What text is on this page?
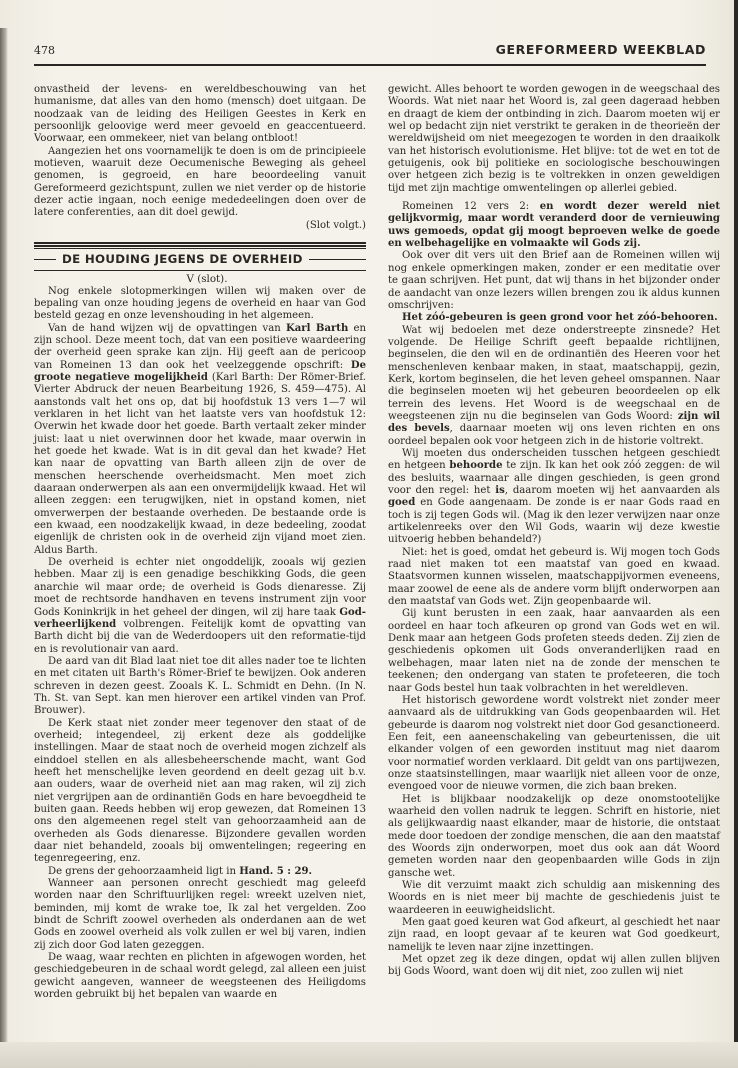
478	GEREFORMEERD WEEKBLAD

onvastheid der levens- en wereldbeschouwing van het humanisme, dat alles van den homo (mensch) doet uitgaan. De noodzaak van de leiding des Heiligen Geestes in Kerk en persoonlijk geloovige werd meer gevoeld en geaccentueerd. Voorwaar, een ommekeer, niet van belang ontbloot!

Aangezien het ons voornamelijk te doen is om de principieele motieven, waaruit deze Oecumenische Beweging als geheel genomen, is gegroeid, en hare beoordeeling vanuit Gereformeerd gezichtspunt, zullen we niet verder op de historie dezer actie ingaan, noch eenige mededeelingen doen over de latere conferenties, aan dit doel gewijd.

(Slot volgt.)

DE HOUDING JEGENS DE OVERHEID

V (slot).

Nog enkele slotopmerkingen willen wij maken over de bepaling van onze houding jegens de overheid en haar van God besteld gezag en onze levenshouding in het algemeen.

Van de hand wijzen wij de opvattingen van Karl Barth en zijn school. Deze meent toch, dat van een positieve waardeering der overheid geen sprake kan zijn. Hij geeft aan de pericoop van Romeinen 13 dan ook het veelzeggende opschrift: De groote negatieve mogelijkheid (Karl Barth: Der Römer-Brief. Vierter Abdruck der neuen Bearbeitung 1926, S. 459—475). Al aanstonds valt het ons op, dat bij hoofdstuk 13 vers 1—7 wil verklaren in het licht van het laatste vers van hoofdstuk 12: Overwin het kwade door het goede. Barth vertaalt zeker minder juist: laat u niet overwinnen door het kwade, maar overwin in het goede het kwade. Wat is in dit geval dan het kwade? Het kan naar de opvatting van Barth alleen zijn de over de menschen heerschende overheidsmacht. Men moet zich daaraan onderwerpen als aan een onvermijdelijk kwaad. Het wil alleen zeggen: een terugwijken, niet in opstand komen, niet omverwerpen der bestaande overheden. De bestaande orde is een kwaad, een noodzakelijk kwaad, in deze bedeeling, zoodat eigenlijk de christen ook in de overheid zijn vijand moet zien. Aldus Barth.

De overheid is echter niet ongoddelijk, zooals wij gezien hebben. Maar zij is een genadige beschikking Gods, die geen anarchie wil maar orde; de overheid is Gods dienaresse. Zij moet de rechtsorde handhaven en tevens instrument zijn voor Gods Koninkrijk in het geheel der dingen, wil zij hare taak God-verheerlijkend volbrengen. Feitelijk komt de opvatting van Barth dicht bij die van de Wederdoopers uit den reformatie-tijd en is revolutionair van aard.

De aard van dit Blad laat niet toe dit alles nader toe te lichten en met citaten uit Barth's Römer-Brief te bewijzen. Ook anderen schreven in dezen geest. Zooals K. L. Schmidt en Dehn. (In N. Th. St. van Sept. kan men hierover een artikel vinden van Prof. Brouwer).

De Kerk staat niet zonder meer tegenover den staat of de overheid; integendeel, zij erkent deze als goddelijke instellingen. Maar de staat noch de overheid mogen zichzelf als einddoel stellen en als allesbeheerschende macht, want God heeft het menschelijke leven geordend en deelt gezag uit b.v. aan ouders, waar de overheid niet aan mag raken, wil zij zich niet vergrijpen aan de ordinantiën Gods en hare bevoegdheid te buiten gaan. Reeds hebben wij erop gewezen, dat Romeinen 13 ons den algemeenen regel stelt van gehoorzaamheid aan de overheden als Gods dienaresse. Bijzondere gevallen worden daar niet behandeld, zooals bij omwentelingen; regeering en tegenregeering, enz.

De grens der gehoorzaamheid ligt in Hand. 5 : 29.

Wanneer aan personen onrecht geschiedt mag geleefd worden naar den Schriftuurlijken regel: wreekt uzelven niet, beminden, mij komt de wrake toe, Ik zal het vergelden. Zoo bindt de Schrift zoowel overheden als onderdanen aan de wet Gods en zoowel overheid als volk zullen er wel bij varen, indien zij zich door God laten gezeggen.

De waag, waar rechten en plichten in afgewogen worden, het geschiedgebeuren in de schaal wordt gelegd, zal alleen een juist gewicht aangeven, wanneer de weegsteenen des Heiligdoms worden gebruikt bij het bepalen van waarde en

gewicht. Alles behoort te worden gewogen in de weegschaal des Woords. Wat niet naar het Woord is, zal geen dageraad hebben en draagt de kiem der ontbinding in zich. Daarom moeten wij er wel op bedacht zijn niet verstrikt te geraken in de theorieën der wereldwijsheid om niet meegezogen te worden in den draaikolk van het historisch evolutionisme. Het blijve: tot de wet en tot de getuigenis, ook bij politieke en sociologische beschouwingen over hetgeen zich bezig is te voltrekken in onzen geweldigen tijd met zijn machtige omwentelingen op allerlei gebied.

Romeinen 12 vers 2: en wordt dezer wereld niet gelijkvormig, maar wordt veranderd door de vernieuwing uws gemoeds, opdat gij moogt beproeven welke de goede en welbehagelijke en volmaakte wil Gods zij.

Ook over dit vers uit den Brief aan de Romeinen willen wij nog enkele opmerkingen maken, zonder er een meditatie over te gaan schrijven. Het punt, dat wij thans in het bijzonder onder de aandacht van onze lezers willen brengen zou ik aldus kunnen omschrijven:

Het zóó-gebeuren is geen grond voor het zóó-behooren.

Wat wij bedoelen met deze onderstreepte zinsnede? Het volgende. De Heilige Schrift geeft bepaalde richtlijnen, beginselen, die den wil en de ordinantiën des Heeren voor het menschenleven kenbaar maken, in staat, maatschappij, gezin, Kerk, kortom beginselen, die het leven geheel omspannen. Naar die beginselen moeten wij het gebeuren beoordeelen op elk terrein des levens. Het Woord is de weegschaal en de weegsteenen zijn nu die beginselen van Gods Woord: zijn wil des bevels, daarnaar moeten wij ons leven richten en ons oordeel bepalen ook voor hetgeen zich in de historie voltrekt.

Wij moeten dus onderscheiden tusschen hetgeen geschiedt en hetgeen behoorde te zijn. Ik kan het ook zóó zeggen: de wil des besluits, waarnaar alle dingen geschieden, is geen grond voor den regel: het is, daarom moeten wij het aanvaarden als goed en Gode aangenaam. De zonde is er naar Gods raad en toch is zij tegen Gods wil. (Mag ik den lezer verwijzen naar onze artikelenreeks over den Wil Gods, waarin wij deze kwestie uitvoerig hebben behandeld?)

Niet: het is goed, omdat het gebeurd is. Wij mogen toch Gods raad niet maken tot een maatstaf van goed en kwaad. Staatsvormen kunnen wisselen, maatschappijvormen eveneens, maar zoowel de eene als de andere vorm blijft onderworpen aan den maatstaf van Gods wet. Zijn geopenbaarde wil.

Gij kunt berusten in een zaak, haar aanvaarden als een oordeel en haar toch afkeuren op grond van Gods wet en wil. Denk maar aan hetgeen Gods profeten steeds deden. Zij zien de geschiedenis opkomen uit Gods onveranderlijken raad en welbehagen, maar laten niet na de zonde der menschen te teekenen; den ondergang van staten te profeteeren, die toch naar Gods bestel hun taak volbrachten in het wereldleven.

Het historisch gewordene wordt volstrekt niet zonder meer aanvaard als de uitdrukking van Gods geopenbaarden wil. Het gebeurde is daarom nog volstrekt niet door God gesanctioneerd. Een feit, een aaneenschakeling van gebeurtenissen, die uit elkander volgen of een geworden instituut mag niet daarom voor normatief worden verklaard. Dit geldt van ons partijwezen, onze staatsinstellingen, maar waarlijk niet alleen voor de onze, evengoed voor de nieuwe vormen, die zich baan breken.

Het is blijkbaar noodzakelijk op deze onomstootelijke waarheid den vollen nadruk te leggen. Schrift en historie, niet als gelijkwaardig naast elkander, maar de historie, die ontstaat mede door toedoen der zondige menschen, die aan den maatstaf des Woords zijn onderworpen, moet dus ook aan dát Woord gemeten worden naar den geopenbaarden wille Gods in zijn gansche wet.

Wie dit verzuimt maakt zich schuldig aan miskenning des Woords en is niet meer bij machte de geschiedenis juist te waardeeren in eeuwigheidslicht.

Men gaat goed keuren wat God afkeurt, al geschiedt het naar zijn raad, en loopt gevaar af te keuren wat God goedkeurt, namelijk te leven naar zijne inzettingen.

Met opzet zeg ik deze dingen, opdat wij allen zullen blijven bij Gods Woord, want doen wij dit niet, zoo zullen wij niet
